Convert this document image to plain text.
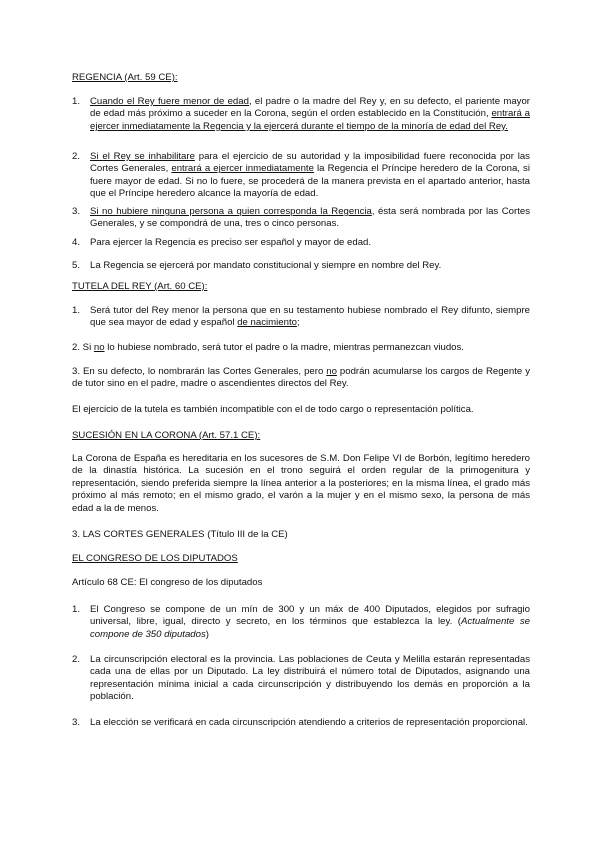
REGENCIA (Art. 59 CE):
1. Cuando el Rey fuere menor de edad, el padre o la madre del Rey y, en su defecto, el pariente mayor de edad más próximo a suceder en la Corona, según el orden establecido en la Constitución, entrará a ejercer inmediatamente la Regencia y la ejercerá durante el tiempo de la minoría de edad del Rey.
2. Si el Rey se inhabilitare para el ejercicio de su autoridad y la imposibilidad fuere reconocida por las Cortes Generales, entrará a ejercer inmediatamente la Regencia el Príncipe heredero de la Corona, si fuere mayor de edad. Si no lo fuere, se procederá de la manera prevista en el apartado anterior, hasta que el Príncipe heredero alcance la mayoría de edad.
3. Si no hubiere ninguna persona a quien corresponda la Regencia, ésta será nombrada por las Cortes Generales, y se compondrá de una, tres o cinco personas.
4. Para ejercer la Regencia es preciso ser español y mayor de edad.
5. La Regencia se ejercerá por mandato constitucional y siempre en nombre del Rey.
TUTELA DEL REY (Art. 60 CE):
1. Será tutor del Rey menor la persona que en su testamento hubiese nombrado el Rey difunto, siempre que sea mayor de edad y español de nacimiento;
2. Si no lo hubiese nombrado, será tutor el padre o la madre, mientras permanezcan viudos.
3. En su defecto, lo nombrarán las Cortes Generales, pero no podrán acumularse los cargos de Regente y de tutor sino en el padre, madre o ascendientes directos del Rey.
El ejercicio de la tutela es también incompatible con el de todo cargo o representación política.
SUCESIÓN EN LA CORONA (Art. 57.1 CE):
La Corona de España es hereditaria en los sucesores de S.M. Don Felipe VI de Borbón, legítimo heredero de la dinastía histórica. La sucesión en el trono seguirá el orden regular de la primogenitura y representación, siendo preferida siempre la línea anterior a la posteriores; en la misma línea, el grado más próximo al más remoto; en el mismo grado, el varón a la mujer y en el mismo sexo, la persona de más edad a la de menos.
3. LAS CORTES GENERALES (Título III de la CE)
EL CONGRESO DE LOS DIPUTADOS
Artículo 68 CE: El congreso de los diputados
1. El Congreso se compone de un mín de 300 y un máx de 400 Diputados, elegidos por sufragio universal, libre, igual, directo y secreto, en los términos que establezca la ley. (Actualmente se compone de 350 diputados)
2. La circunscripción electoral es la provincia. Las poblaciones de Ceuta y Melilla estarán representadas cada una de ellas por un Diputado. La ley distribuirá el número total de Diputados, asignando una representación mínima inicial a cada circunscripción y distribuyendo los demás en proporción a la población.
3. La elección se verificará en cada circunscripción atendiendo a criterios de representación proporcional.
